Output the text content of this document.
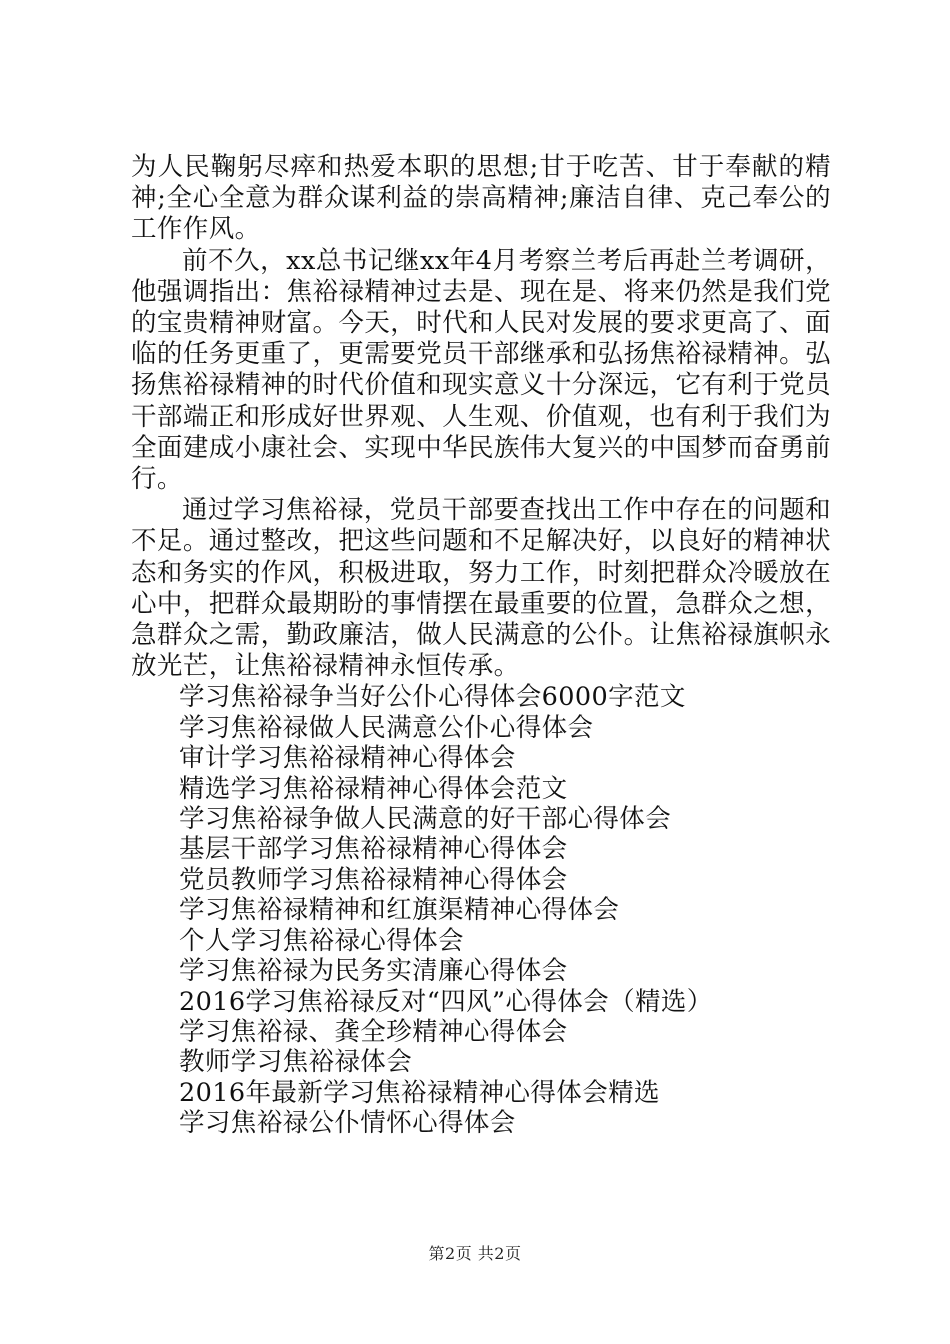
为人民鞠躬尽瘁和热爱本职的思想;甘于吃苦、甘于奉献的精神;全心全意为群众谋利益的崇高精神;廉洁自律、克己奉公的工作作风。

前不久，xx总书记继xx年4月考察兰考后再赴兰考调研，他强调指出：焦裕禄精神过去是、现在是、将来仍然是我们党的宝贵精神财富。今天，时代和人民对发展的要求更高了、面临的任务更重了，更需要党员干部继承和弘扬焦裕禄精神。弘扬焦裕禄精神的时代价值和现实意义十分深远，它有利于党员干部端正和形成好世界观、人生观、价值观，也有利于我们为全面建成小康社会、实现中华民族伟大复兴的中国梦而奋勇前行。

通过学习焦裕禄，党员干部要查找出工作中存在的问题和不足。通过整改，把这些问题和不足解决好，以良好的精神状态和务实的作风，积极进取，努力工作，时刻把群众冷暖放在心中，把群众最期盼的事情摆在最重要的位置，急群众之想，急群众之需，勤政廉洁，做人民满意的公仆。让焦裕禄旗帜永放光芒，让焦裕禄精神永恒传承。

学习焦裕禄争当好公仆心得体会6000字范文
学习焦裕禄做人民满意公仆心得体会
审计学习焦裕禄精神心得体会
精选学习焦裕禄精神心得体会范文
学习焦裕禄争做人民满意的好干部心得体会
基层干部学习焦裕禄精神心得体会
党员教师学习焦裕禄精神心得体会
学习焦裕禄精神和红旗渠精神心得体会
个人学习焦裕禄心得体会
学习焦裕禄为民务实清廉心得体会
2016学习焦裕禄反对“四风”心得体会（精选）
学习焦裕禄、龚全珍精神心得体会
教师学习焦裕禄体会
2016年最新学习焦裕禄精神心得体会精选
学习焦裕禄公仆情怀心得体会
第2页 共2页
